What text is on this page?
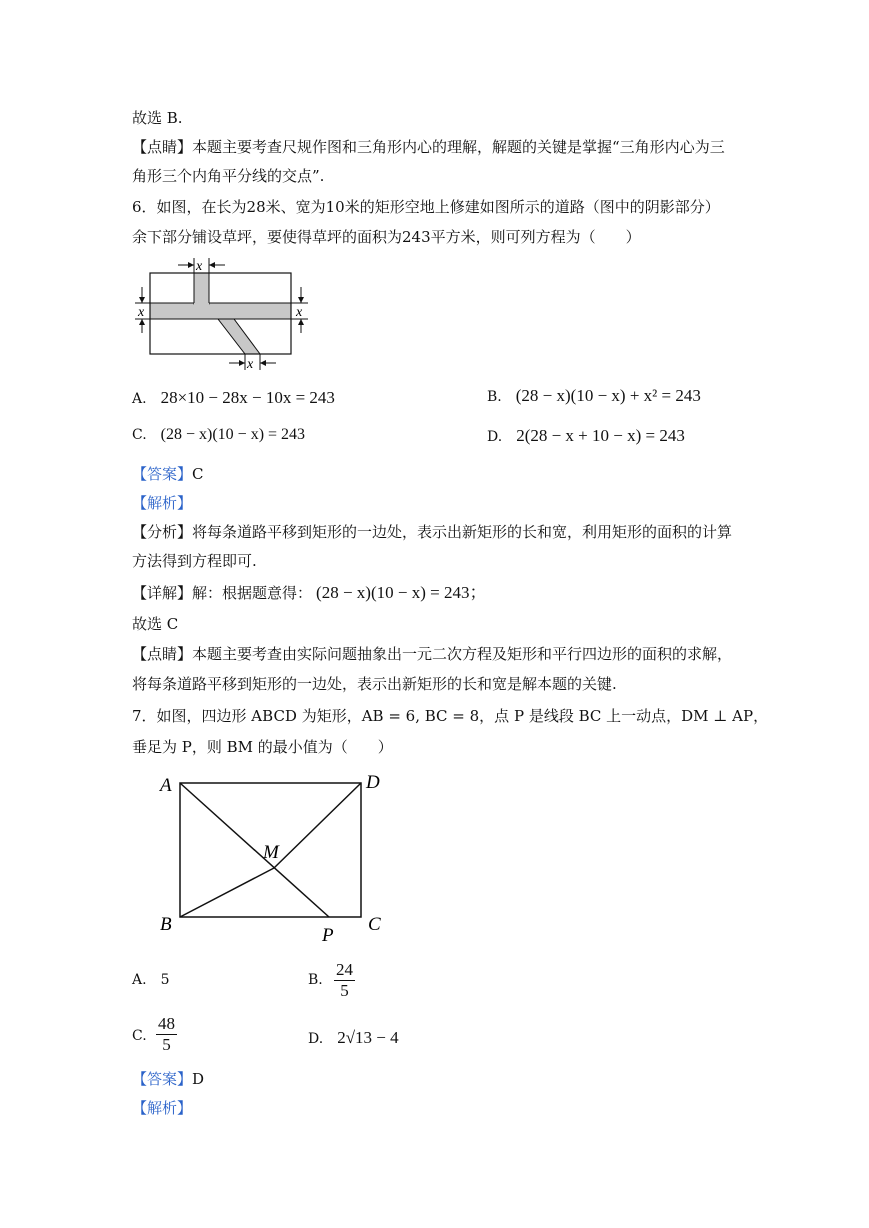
故选 B.
【点睛】本题主要考查尺规作图和三角形内心的理解，解题的关键是掌握“三角形内心为三
角形三个内角平分线的交点”.
6．如图，在长为28米、宽为10米的矩形空地上修建如图所示的道路（图中的阴影部分）
余下部分铺设草坪，要使得草坪的面积为243平方米，则可列方程为（　　）
x
x	x
x
A. 28×10 − 28x − 10x = 243	B. (28 − x)(10 − x) + x² = 243
C. (28 − x)(10 − x) = 243	D. 2(28 − x + 10 − x) = 243
【答案】C
【解析】
【分析】将每条道路平移到矩形的一边处，表示出新矩形的长和宽，利用矩形的面积的计算
方法得到方程即可.
【详解】解：根据题意得： (28 − x)(10 − x) = 243；
故选 C
【点睛】本题主要考查由实际问题抽象出一元二次方程及矩形和平行四边形的面积的求解，
将每条道路平移到矩形的一边处，表示出新矩形的长和宽是解本题的关键.
7．如图，四边形 ABCD 为矩形，AB = 6, BC = 8，点 P 是线段 BC 上一动点，DM ⊥ AP，
垂足为 P，则 BM 的最小值为（　　）
A	D
M
B	C
P
A. 5	B. $\frac{24}{5}$
C. $\frac{48}{5}$	D. 2√13 − 4
【答案】D
【解析】
